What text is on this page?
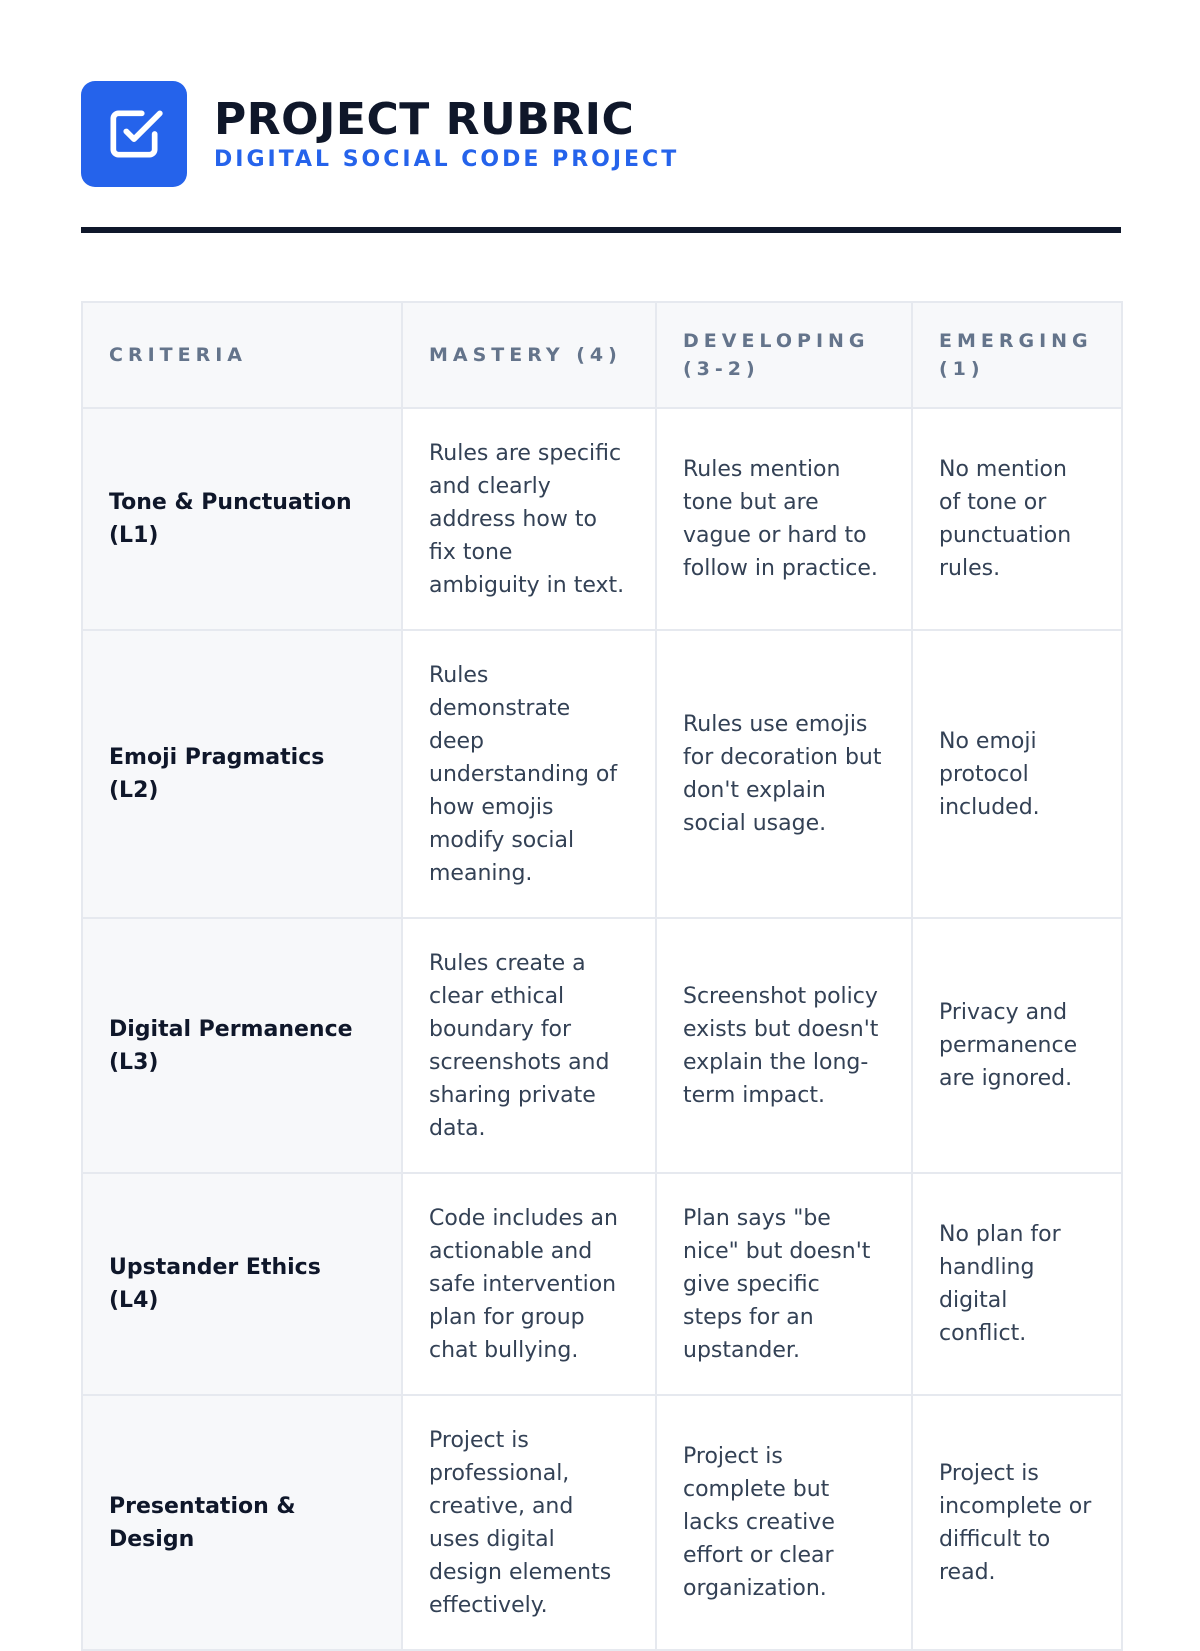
PROJECT RUBRIC
DIGITAL SOCIAL CODE PROJECT
CRITERIA	MASTERY (4)	DEVELOPING (3-2)	EMERGING (1)
Tone & Punctuation (L1)	Rules are specific and clearly address how to fix tone ambiguity in text.	Rules mention tone but are vague or hard to follow in practice.	No mention of tone or punctuation rules.
Emoji Pragmatics (L2)	Rules demonstrate deep understanding of how emojis modify social meaning.	Rules use emojis for decoration but don't explain social usage.	No emoji protocol included.
Digital Permanence (L3)	Rules create a clear ethical boundary for screenshots and sharing private data.	Screenshot policy exists but doesn't explain the long-term impact.	Privacy and permanence are ignored.
Upstander Ethics (L4)	Code includes an actionable and safe intervention plan for group chat bullying.	Plan says "be nice" but doesn't give specific steps for an upstander.	No plan for handling digital conflict.
Presentation & Design	Project is professional, creative, and uses digital design elements effectively.	Project is complete but lacks creative effort or clear organization.	Project is incomplete or difficult to read.
